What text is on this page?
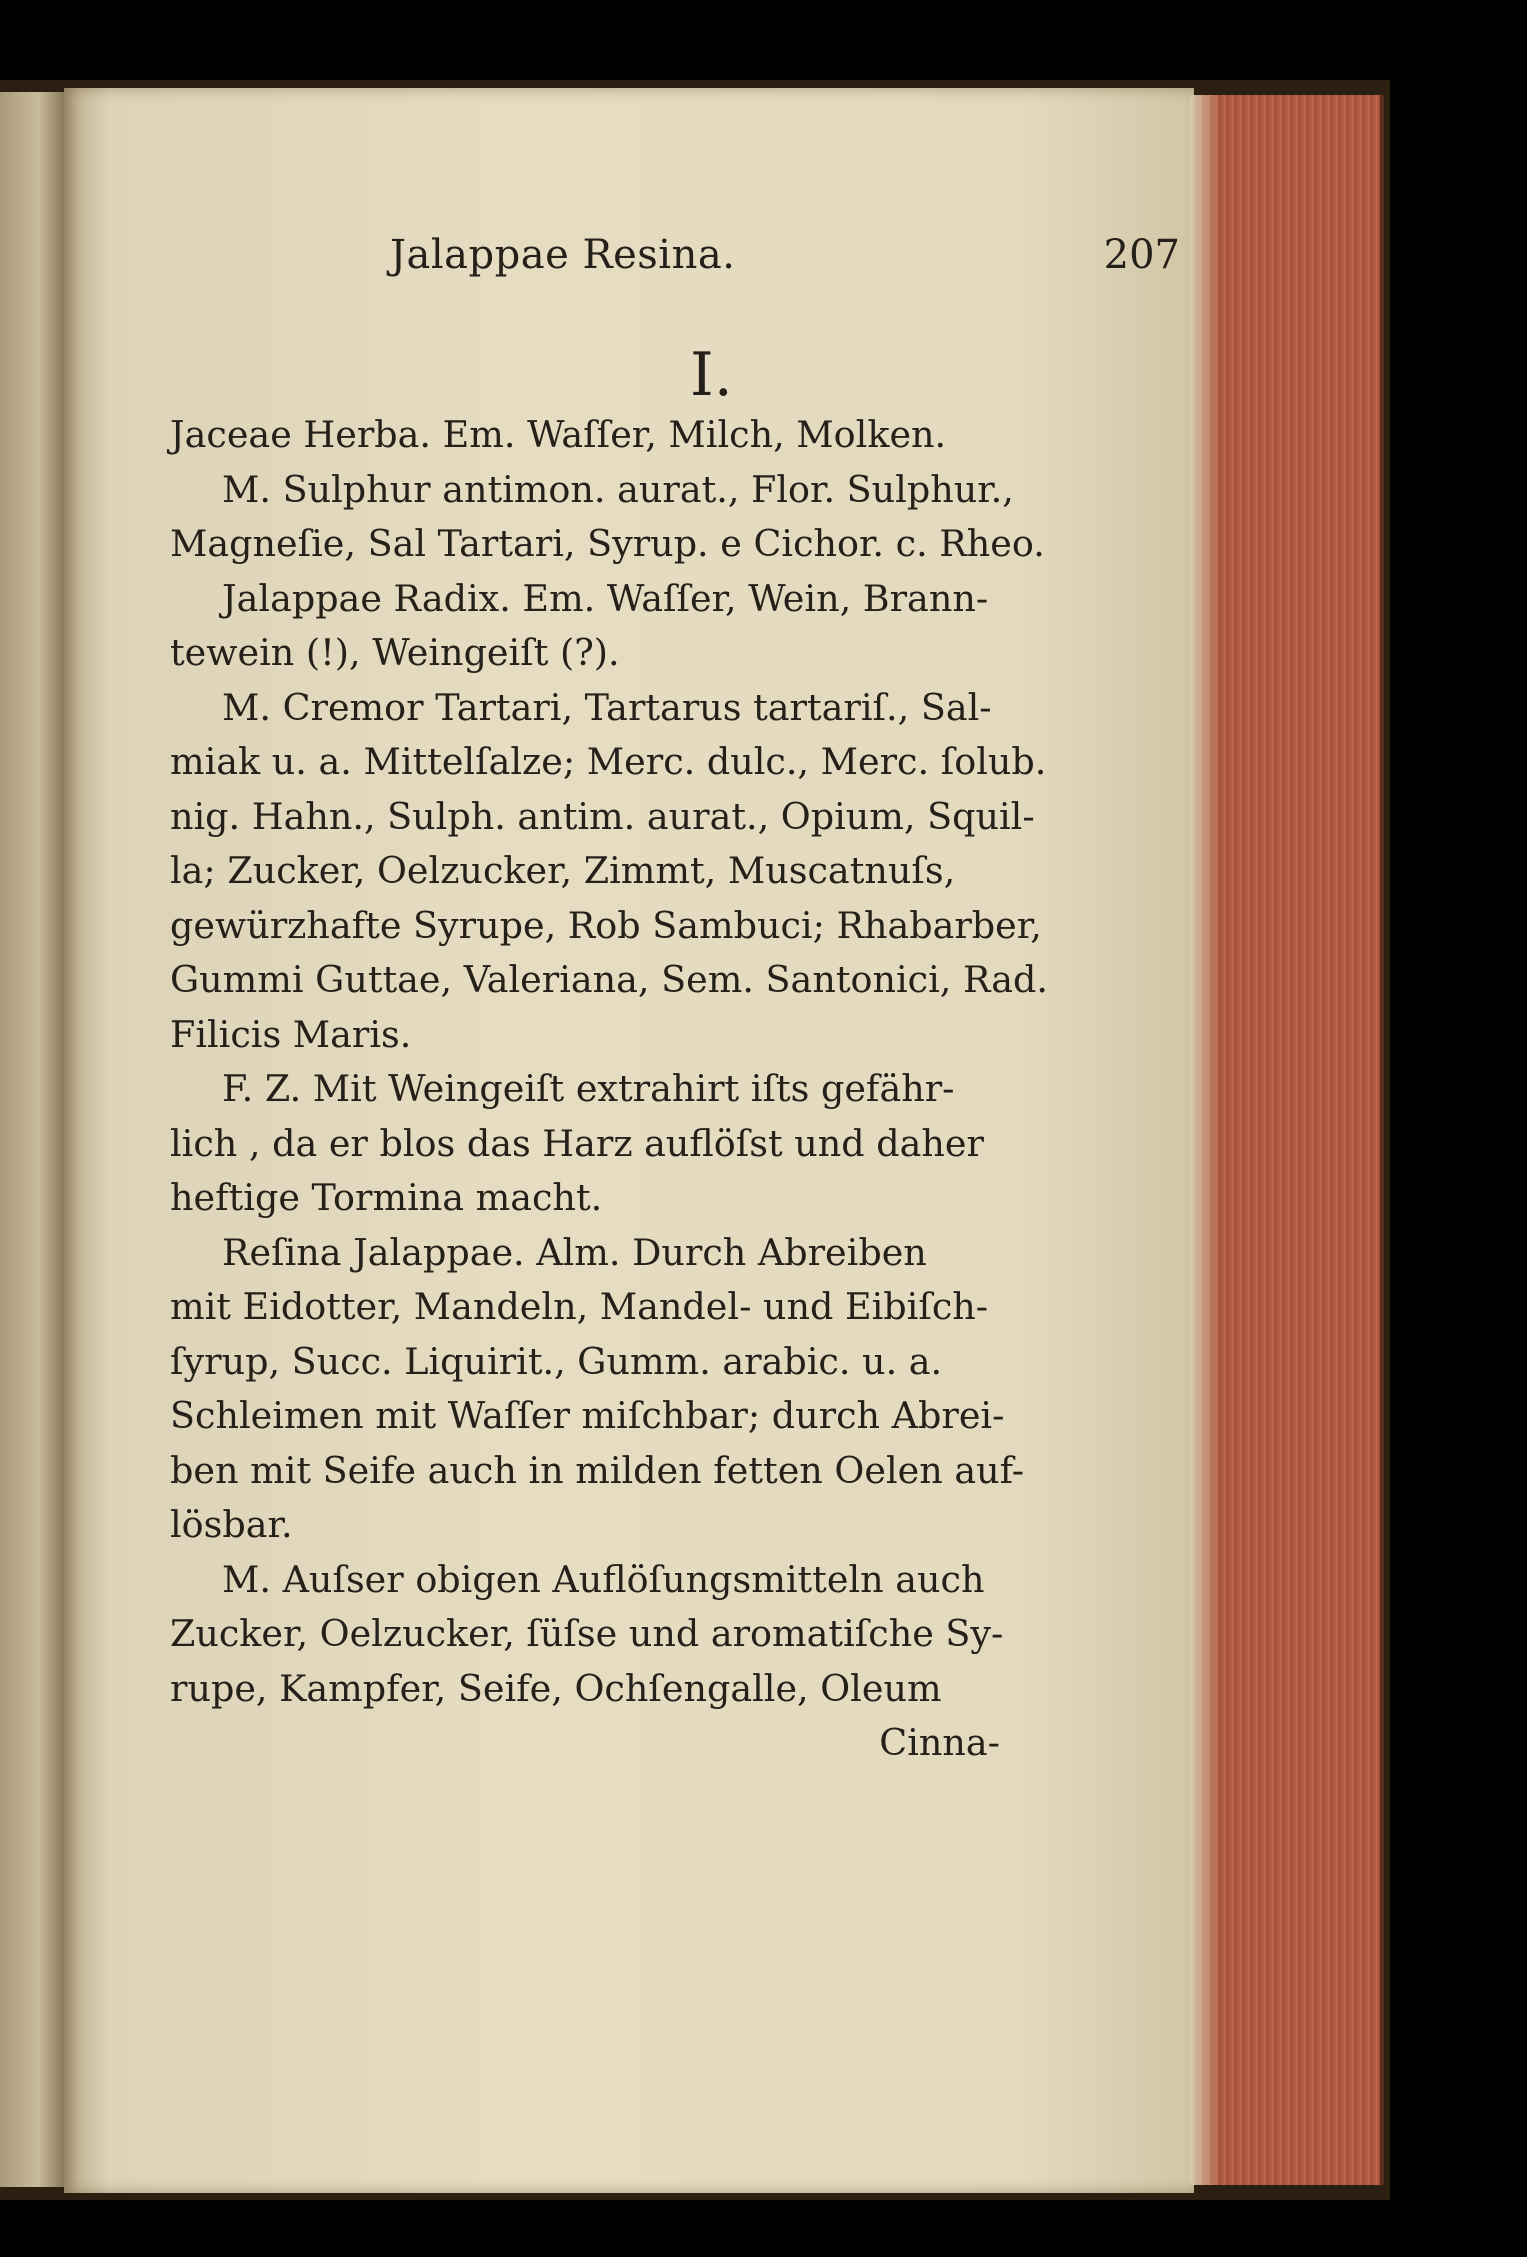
Jalappae Resina.	207
I.
Jaceae Herba. Em. Waſſer, Milch, Molken.
M. Sulphur antimon. aurat., Flor. Sulphur.,
Magneſie, Sal Tartari, Syrup. e Cichor. c. Rheo.
Jalappae Radix. Em. Waſſer, Wein, Brann-
tewein (!), Weingeiſt (?).
M. Cremor Tartari, Tartarus tartariſ., Sal-
miak u. a. Mittelſalze; Merc. dulc., Merc. ſolub.
nig. Hahn., Sulph. antim. aurat., Opium, Squil-
la; Zucker, Oelzucker, Zimmt, Muscatnuſs,
gewürzhafte Syrupe, Rob Sambuci; Rhabarber,
Gummi Guttae, Valeriana, Sem. Santonici, Rad.
Filicis Maris.
F. Z. Mit Weingeiſt extrahirt iſts gefähr-
lich , da er blos das Harz auflöſst und daher
heftige Tormina macht.
Reſina Jalappae. Alm. Durch Abreiben
mit Eidotter, Mandeln, Mandel- und Eibiſch-
ſyrup, Succ. Liquirit., Gumm. arabic. u. a.
Schleimen mit Waſſer miſchbar; durch Abrei-
ben mit Seife auch in milden fetten Oelen auf-
lösbar.
M. Auſser obigen Auflöſungsmitteln auch
Zucker, Oelzucker, ſüſse und aromatiſche Sy-
rupe, Kampfer, Seife, Ochſengalle, Oleum
Cinna-
